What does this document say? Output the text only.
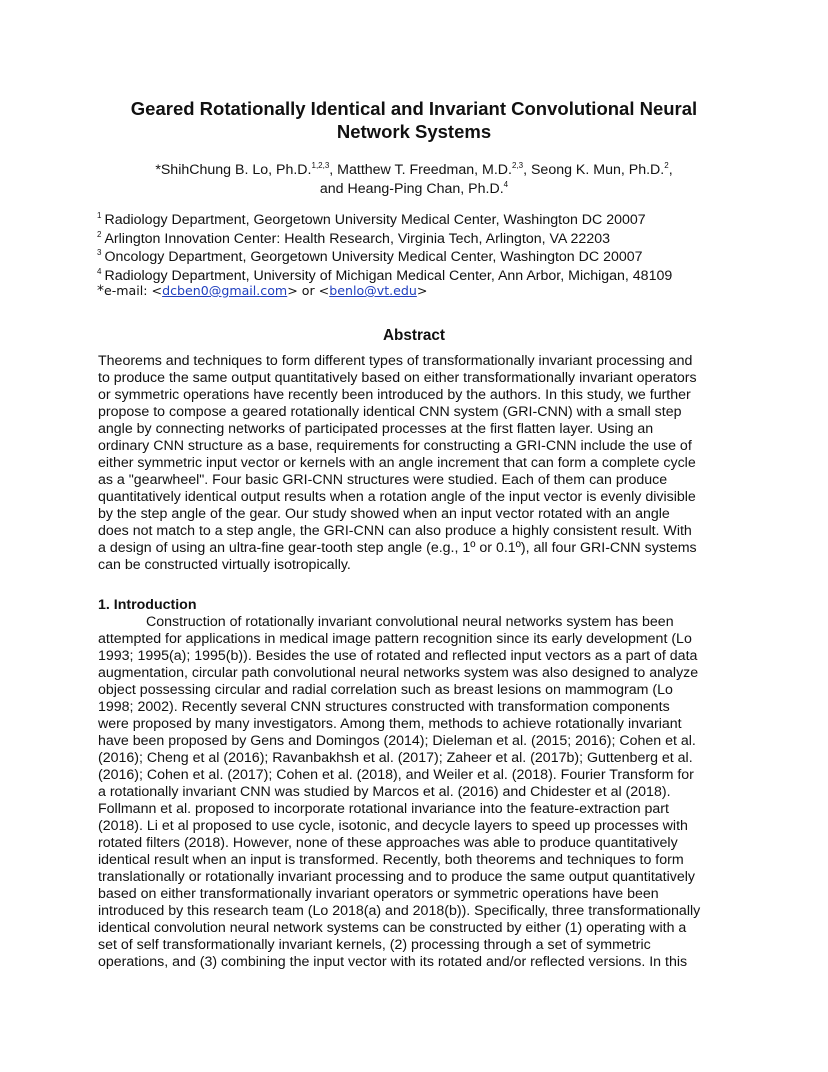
Geared Rotationally Identical and Invariant Convolutional Neural
Network Systems
*ShihChung B. Lo, Ph.D.$^{1,2,3}$, Matthew T. Freedman, M.D.$^{2,3}$, Seong K. Mun, Ph.D.$^2$,
and Heang-Ping Chan, Ph.D.$^4$
$^1$ Radiology Department, Georgetown University Medical Center, Washington DC 20007
$^2$ Arlington Innovation Center: Health Research, Virginia Tech, Arlington, VA 22203
$^3$ Oncology Department, Georgetown University Medical Center, Washington DC 20007
$^4$ Radiology Department, University of Michigan Medical Center, Ann Arbor, Michigan, 48109
*e-mail: <dcben0@gmail.com> or <benlo@vt.edu>
Abstract
Theorems and techniques to form different types of transformationally invariant processing and
to produce the same output quantitatively based on either transformationally invariant operators
or symmetric operations have recently been introduced by the authors. In this study, we further
propose to compose a geared rotationally identical CNN system (GRI-CNN) with a small step
angle by connecting networks of participated processes at the first flatten layer. Using an
ordinary CNN structure as a base, requirements for constructing a GRI-CNN include the use of
either symmetric input vector or kernels with an angle increment that can form a complete cycle
as a "gearwheel". Four basic GRI-CNN structures were studied. Each of them can produce
quantitatively identical output results when a rotation angle of the input vector is evenly divisible
by the step angle of the gear. Our study showed when an input vector rotated with an angle
does not match to a step angle, the GRI-CNN can also produce a highly consistent result. With
a design of using an ultra-fine gear-tooth step angle (e.g., 1º or 0.1º), all four GRI-CNN systems
can be constructed virtually isotropically.
1. Introduction
Construction of rotationally invariant convolutional neural networks system has been
attempted for applications in medical image pattern recognition since its early development (Lo
1993; 1995(a); 1995(b)). Besides the use of rotated and reflected input vectors as a part of data
augmentation, circular path convolutional neural networks system was also designed to analyze
object possessing circular and radial correlation such as breast lesions on mammogram (Lo
1998; 2002). Recently several CNN structures constructed with transformation components
were proposed by many investigators. Among them, methods to achieve rotationally invariant
have been proposed by Gens and Domingos (2014); Dieleman et al. (2015; 2016); Cohen et al.
(2016); Cheng et al (2016); Ravanbakhsh et al. (2017); Zaheer et al. (2017b); Guttenberg et al.
(2016); Cohen et al. (2017); Cohen et al. (2018), and Weiler et al. (2018). Fourier Transform for
a rotationally invariant CNN was studied by Marcos et al. (2016) and Chidester et al (2018).
Follmann et al. proposed to incorporate rotational invariance into the feature-extraction part
(2018). Li et al proposed to use cycle, isotonic, and decycle layers to speed up processes with
rotated filters (2018). However, none of these approaches was able to produce quantitatively
identical result when an input is transformed. Recently, both theorems and techniques to form
translationally or rotationally invariant processing and to produce the same output quantitatively
based on either transformationally invariant operators or symmetric operations have been
introduced by this research team (Lo 2018(a) and 2018(b)). Specifically, three transformationally
identical convolution neural network systems can be constructed by either (1) operating with a
set of self transformationally invariant kernels, (2) processing through a set of symmetric
operations, and (3) combining the input vector with its rotated and/or reflected versions. In this
